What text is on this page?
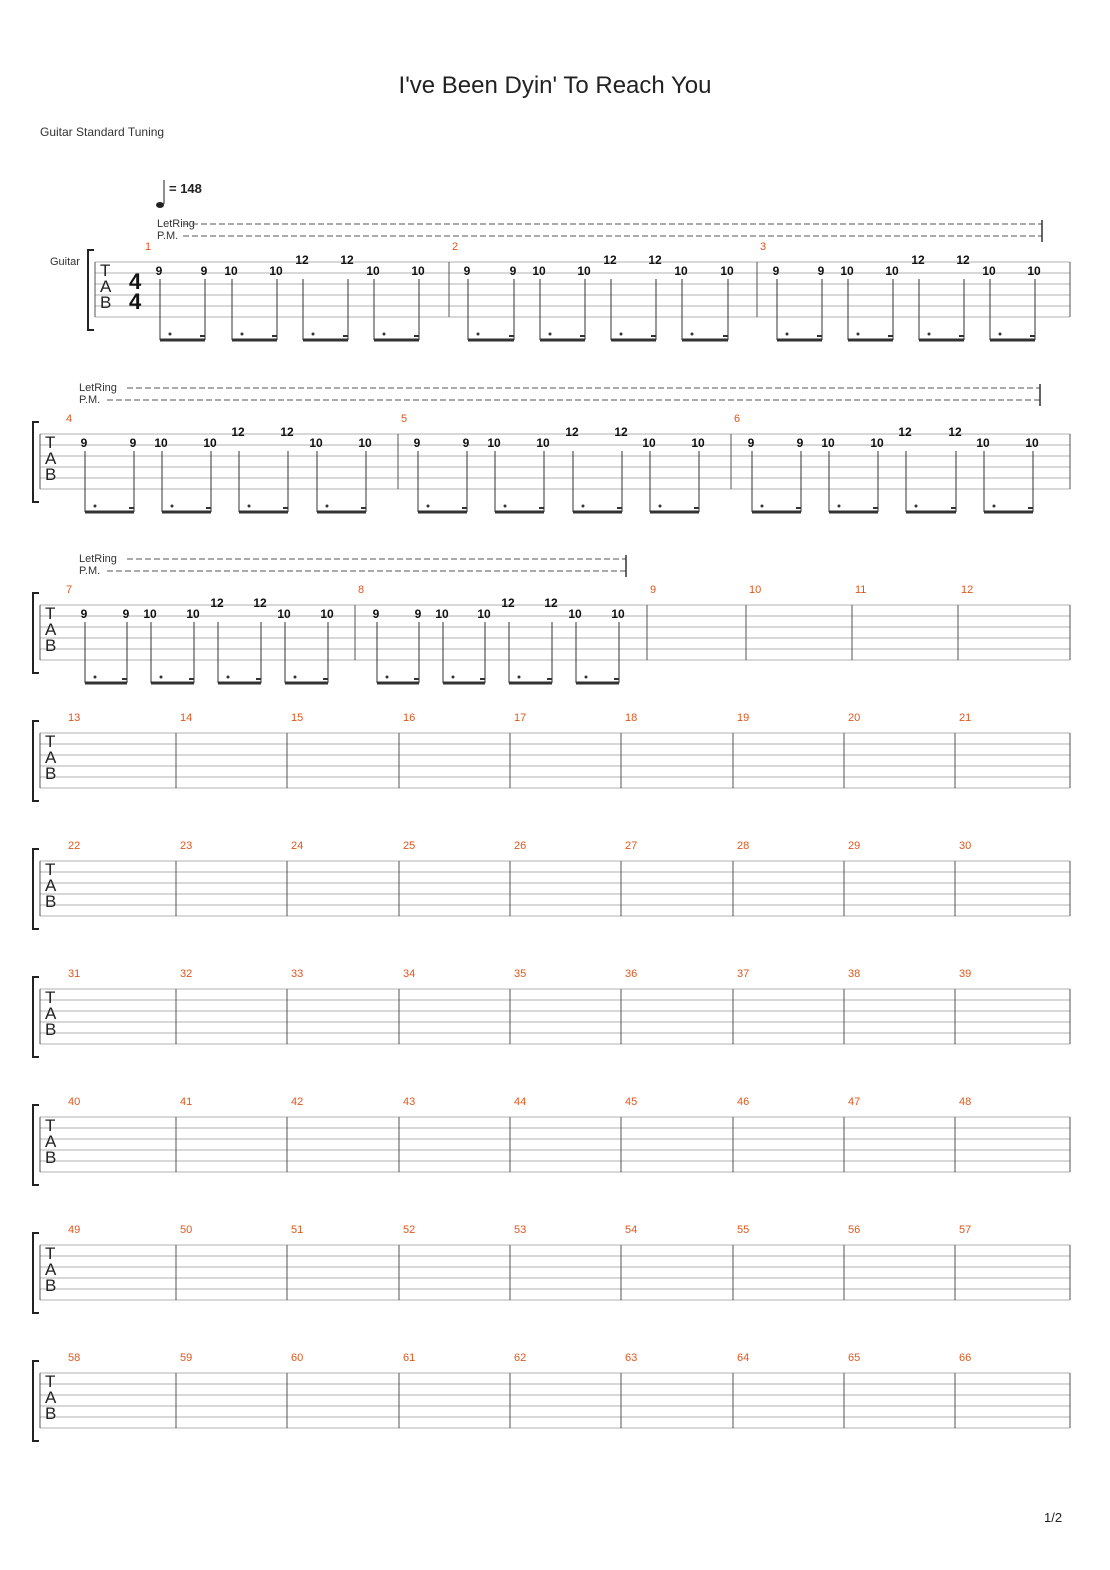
I've Been Dyin' To Reach You
Guitar Standard Tuning
T
A
B
1	2	3
LetRing
P.M.
9	9 10	10
12	12
10	10	9	9 10	10
12	12
10	10	9	9 10	10
12	12
10	10
4
4
Guitar
= 148
T
A
B
4	5	6
LetRing
P.M.
9	9 10	10
12	12
10	10	9	9 10	10
12	12
10	10	9	9 10	10
12	12
10	10
T
A
B
7	8	9	10	11	12
LetRing
P.M.
9	9 10 10
12 12
10 10	9	9 10 10
12 12
10 10
T
A
B
13	14	15	16	17	18	19	20	21
T
A
B
22	23	24	25	26	27	28	29	30
T
A
B
31	32	33	34	35	36	37	38	39
T
A
B
40	41	42	43	44	45	46	47	48
T
A
B
49	50	51	52	53	54	55	56	57
T
A
B
58	59	60	61	62	63	64	65	66
1/2
